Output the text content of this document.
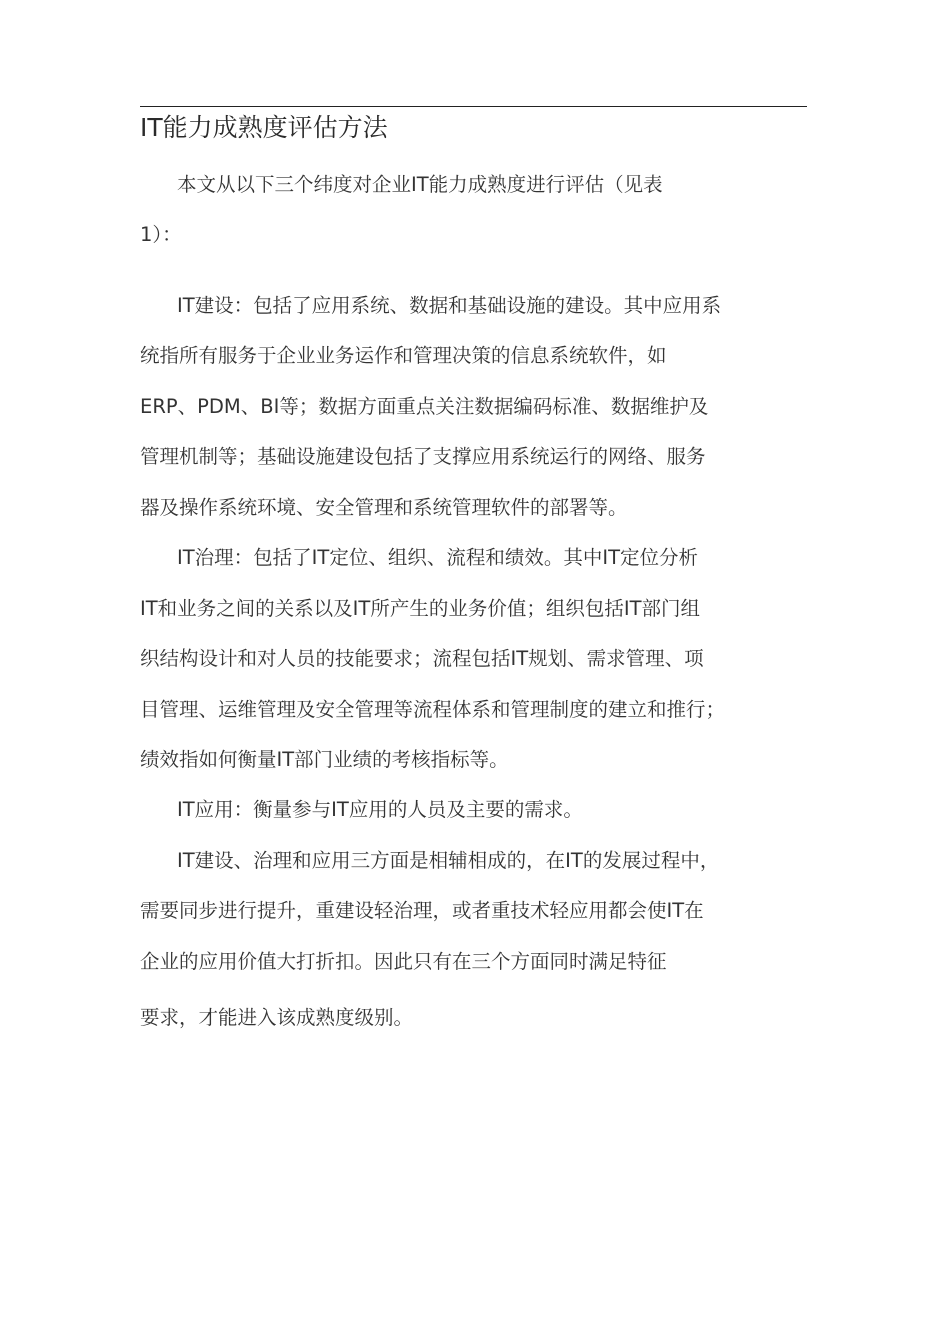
IT能力成熟度评估方法
本文从以下三个纬度对企业IT能力成熟度进行评估（见表
1）：
IT建设：包括了应用系统、数据和基础设施的建设。其中应用系
统指所有服务于企业业务运作和管理决策的信息系统软件，如
ERP、PDM、BI等；数据方面重点关注数据编码标准、数据维护及
管理机制等；基础设施建设包括了支撑应用系统运行的网络、服务
器及操作系统环境、安全管理和系统管理软件的部署等。
IT治理：包括了IT定位、组织、流程和绩效。其中IT定位分析
IT和业务之间的关系以及IT所产生的业务价值；组织包括IT部门组
织结构设计和对人员的技能要求；流程包括IT规划、需求管理、项
目管理、运维管理及安全管理等流程体系和管理制度的建立和推行；
绩效指如何衡量IT部门业绩的考核指标等。
IT应用：衡量参与IT应用的人员及主要的需求。
IT建设、治理和应用三方面是相辅相成的，在IT的发展过程中，
需要同步进行提升，重建设轻治理，或者重技术轻应用都会使IT在
企业的应用价值大打折扣。因此只有在三个方面同时满足特征
要求，才能进入该成熟度级别。
